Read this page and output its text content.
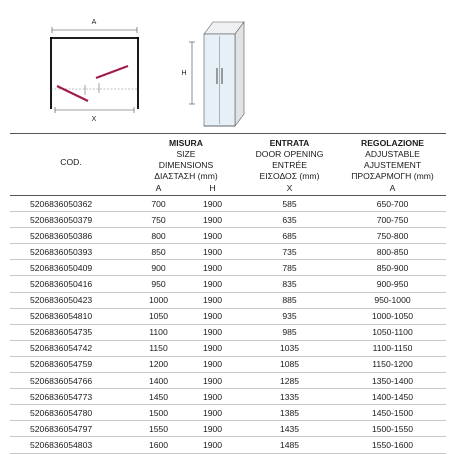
A
X
H
COD.	MISURA		ENTRATA	REGOLAZIONE
	SIZE		DOOR OPENING	ADJUSTABLE
	DIMENSIONS		ENTRÉE	AJUSTEMENT
	ΔΙΑΣΤΑΣΗ (mm)		ΕΙΣΟΔΟΣ (mm)	ΠΡΟΣΑΡΜΟΓΗ (mm)
	A	H	X	A
5206836050362	700	1900	585	650-700
5206836050379	750	1900	635	700-750
5206836050386	800	1900	685	750-800
5206836050393	850	1900	735	800-850
5206836050409	900	1900	785	850-900
5206836050416	950	1900	835	900-950
5206836050423	1000	1900	885	950-1000
5206836054810	1050	1900	935	1000-1050
5206836054735	1100	1900	985	1050-1100
5206836054742	1150	1900	1035	1100-1150
5206836054759	1200	1900	1085	1150-1200
5206836054766	1400	1900	1285	1350-1400
5206836054773	1450	1900	1335	1400-1450
5206836054780	1500	1900	1385	1450-1500
5206836054797	1550	1900	1435	1500-1550
5206836054803	1600	1900	1485	1550-1600
